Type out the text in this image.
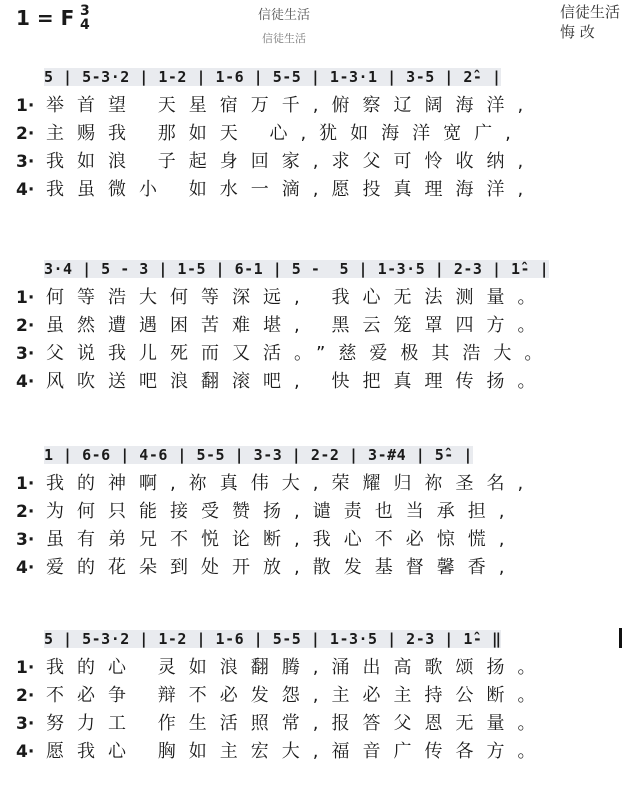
1 = F 3
4
信徒生活
信徒生活
信徒生活
悔 改
5 | 5-3·2 | 1-2 | 1-6 | 5-5 | 1-3·1 | 3-5 | 2̂- |
1· 举首望 天星宿万千,俯察辽阔海洋,
2· 主赐我 那如天 心,犹如海洋宽广,
3· 我如浪 子起身回家,求父可怜收纳,
4· 我虽微小 如水一滴,愿投真理海洋,
3·4 | 5 - 3 | 1-5 | 6-1 | 5 -  5 | 1-3·5 | 2-3 | 1̂- |
1· 何等浩大何等深远, 我心无法测量。
2· 虽然遭遇困苦难堪, 黑云笼罩四方。
3· 父说我儿死而又活。”慈爱极其浩大。
4· 风吹送吧浪翻滚吧, 快把真理传扬。
1 | 6-6 | 4-6 | 5-5 | 3-3 | 2-2 | 3-#4 | 5̂- |
1· 我的神啊,祢真伟大,荣耀归祢圣名,
2· 为何只能接受赞扬,谴责也当承担,
3· 虽有弟兄不悦论断,我心不必惊慌,
4· 爱的花朵到处开放,散发基督馨香,
5 | 5-3·2 | 1-2 | 1-6 | 5-5 | 1-3·5 | 2-3 | 1̂- ‖
1· 我的心 灵如浪翻腾,涌出高歌颂扬。
2· 不必争 辩不必发怨,主必主持公断。
3· 努力工 作生活照常,报答父恩无量。
4· 愿我心 胸如主宏大,福音广传各方。
